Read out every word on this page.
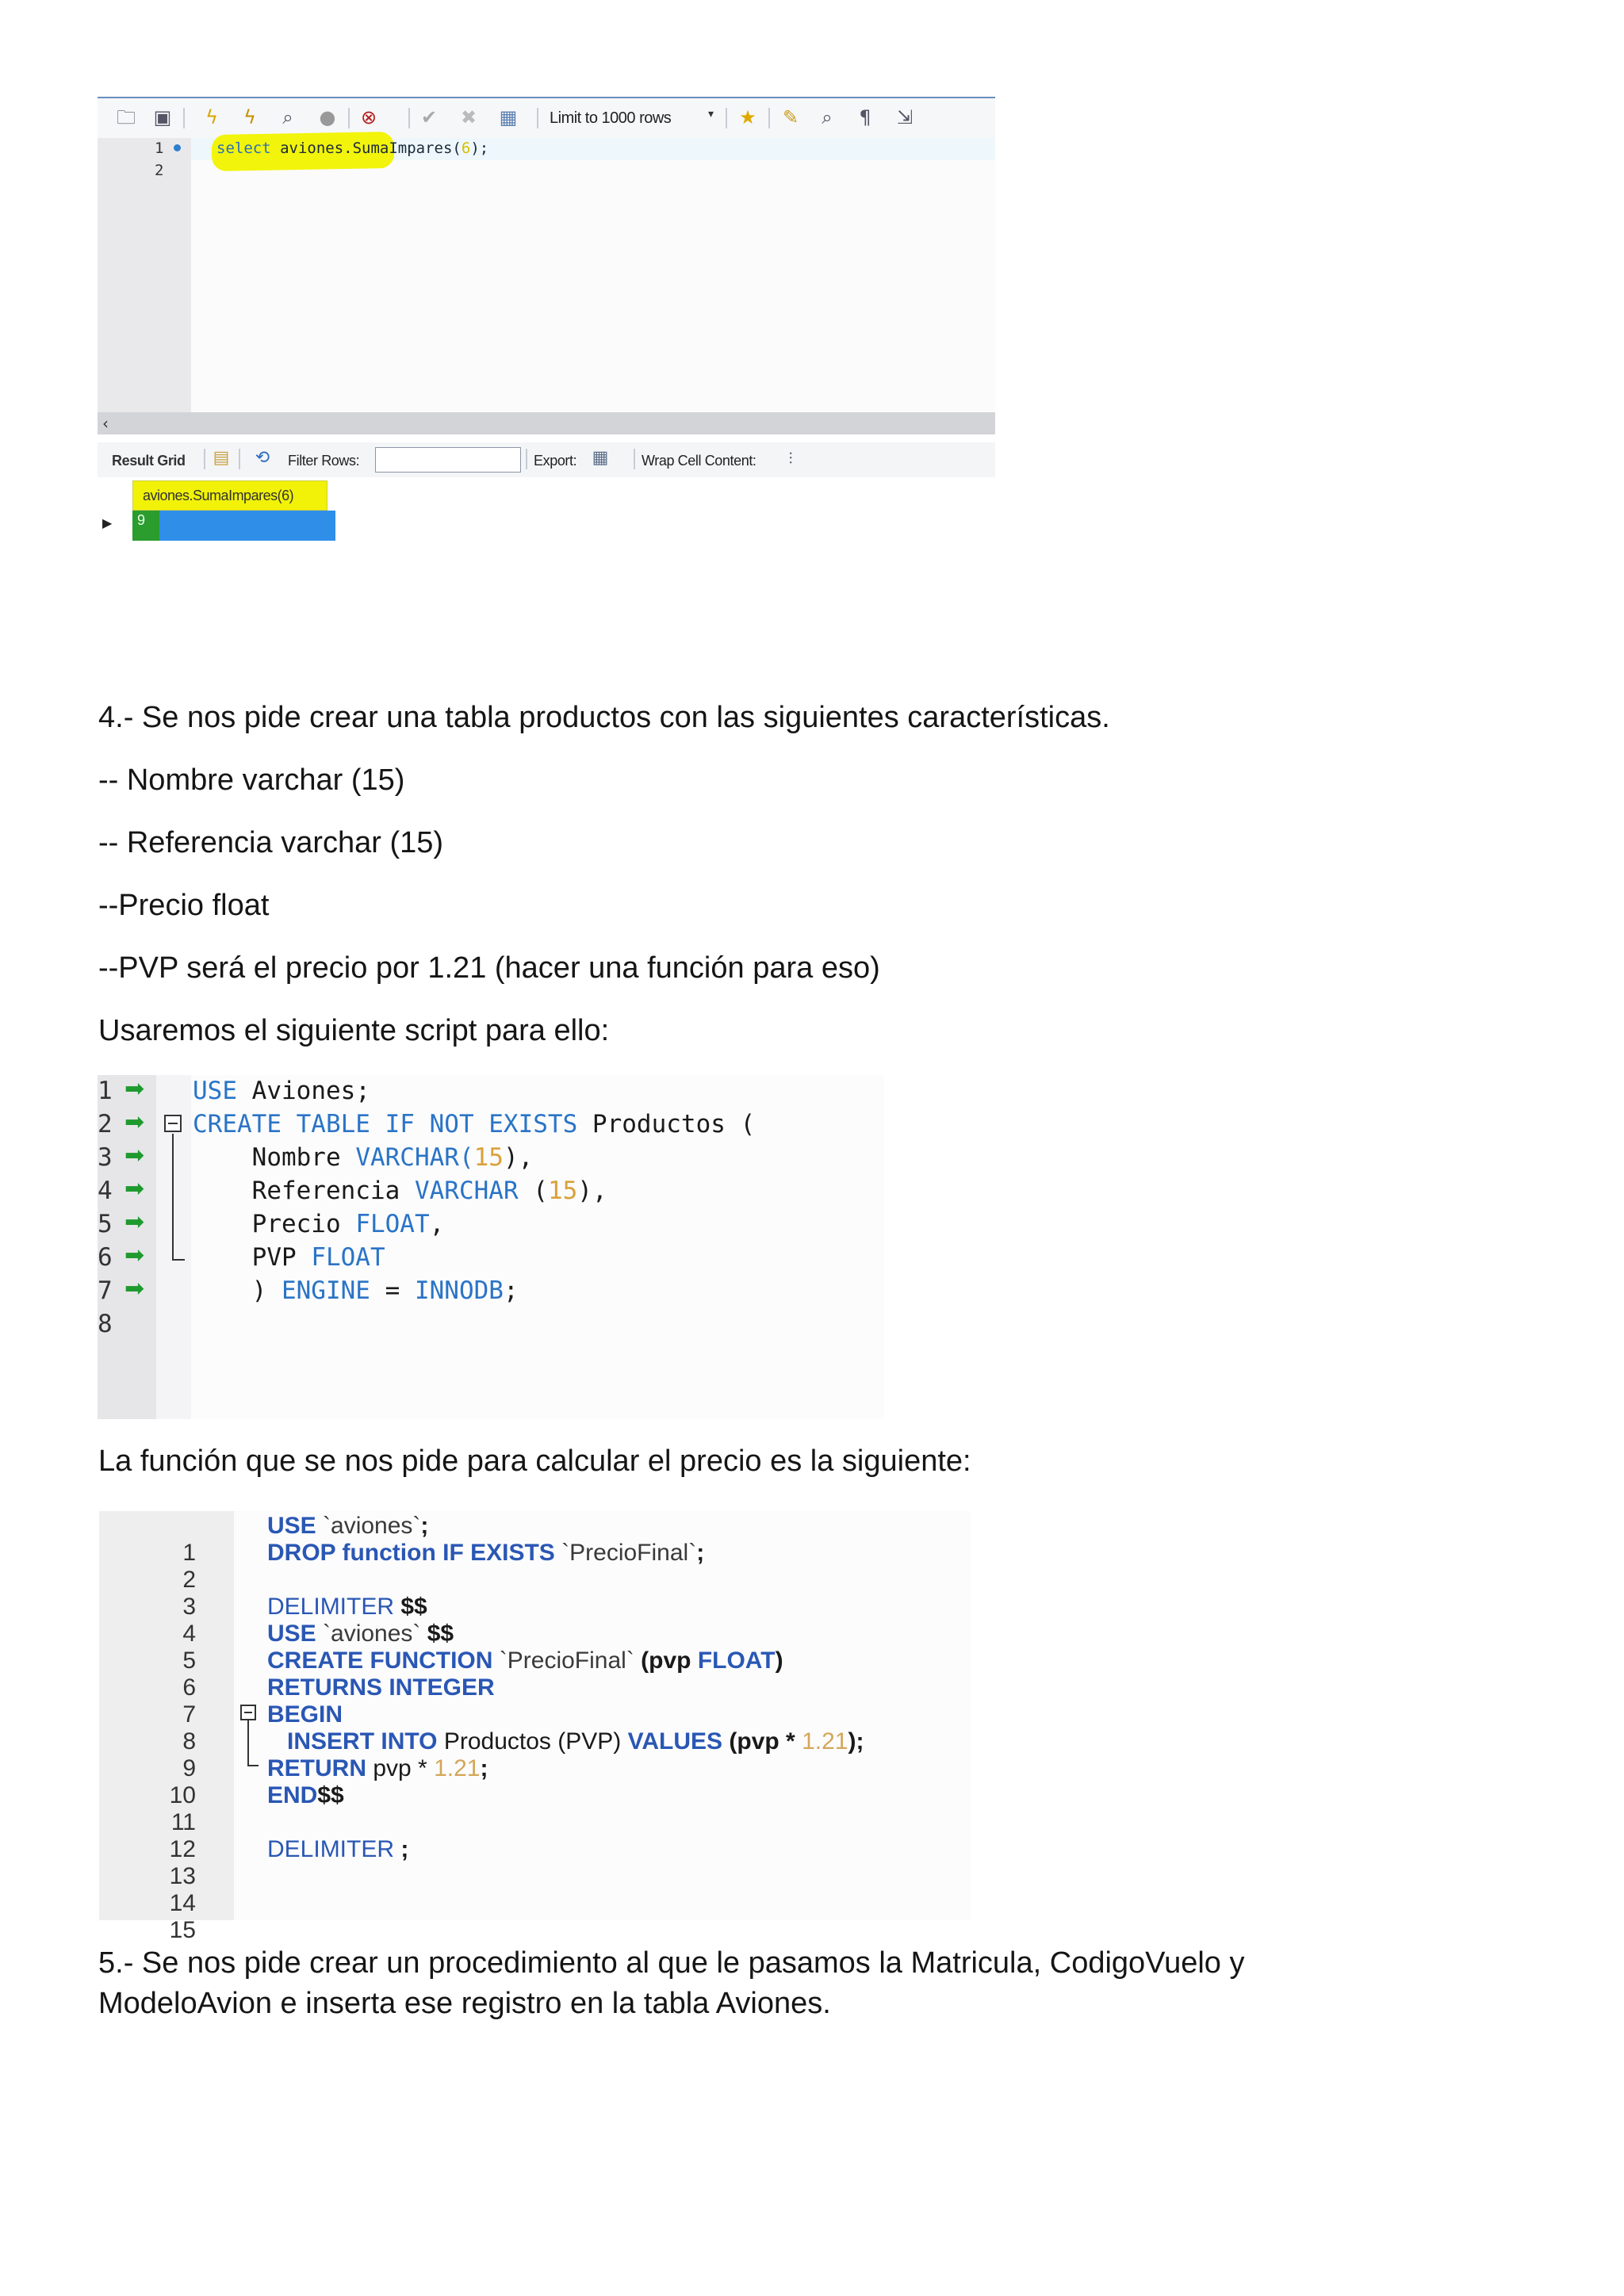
🗀 ▣ ϟ ϟ	⌕	● ⊗ ✔ ✖ ▦ Limit to 1000 rows	▾ ★ ✎	⌕	¶ ⇲
1
2
select aviones.SumaImpares(6);
‹
Result Grid ▤ ⟲ Filter Rows:	Export: ▦ Wrap Cell Content:	⫶
aviones.SumaImpares(6)
▶	9
4.- Se nos pide crear una tabla productos con las siguientes características.
-- Nombre varchar (15)
-- Referencia varchar (15)
--Precio float
--PVP será el precio por 1.21 (hacer una función para eso)
Usaremos el siguiente script para ello:

1

➡

USE Aviones;

2

➡

CREATE TABLE IF NOT EXISTS Productos (

3

➡

Nombre VARCHAR(15),

4

➡

Referencia VARCHAR (15),

5

➡

Precio FLOAT,

6

➡

PVP FLOAT

7

➡

) ENGINE = INNODB;

8

La función que se nos pide para calcular el precio es la siguiente:

1

USE `aviones`;

2

DROP function IF EXISTS `PrecioFinal`;

3

4

DELIMITER $$

5

USE `aviones` $$

6

CREATE FUNCTION `PrecioFinal` (pvp FLOAT)

7

RETURNS INTEGER

8

BEGIN

9

INSERT INTO Productos (PVP) VALUES (pvp * 1.21);

10

RETURN pvp * 1.21;

11

END$$

12

13

DELIMITER ;

14

15

5.- Se nos pide crear un procedimiento al que le pasamos la Matricula, CodigoVuelo y
ModeloAvion e inserta ese registro en la tabla Aviones.
